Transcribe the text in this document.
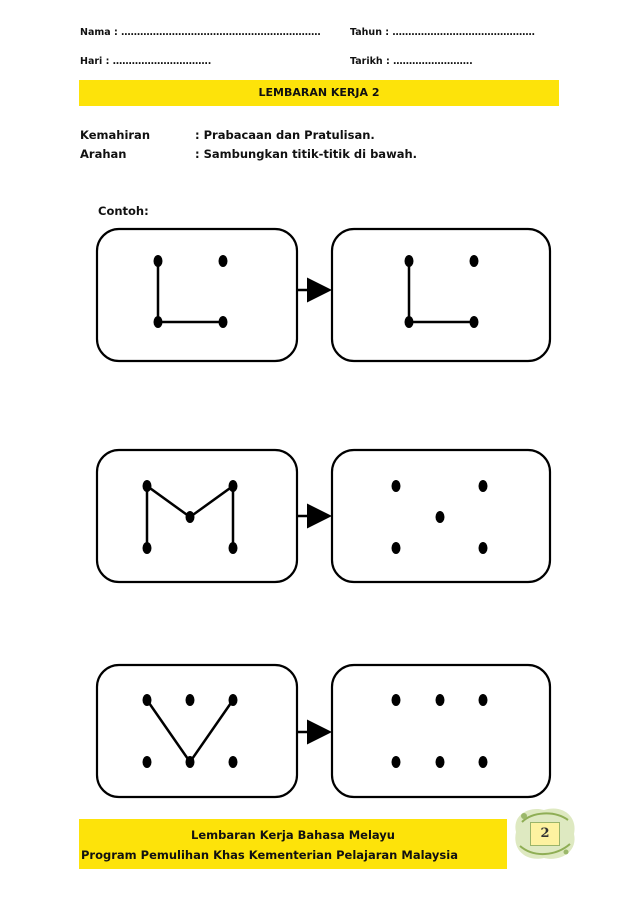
Nama : ………………………………………………………	Tahun : ………………………………………
Hari : ………………………….	Tarikh : …………………….
LEMBARAN KERJA 2
Kemahiran	: Prabacaan dan Pratulisan.
Arahan	: Sambungkan titik-titik di bawah.
Contoh:
Lembaran Kerja Bahasa Melayu
Program Pemulihan Khas Kementerian Pelajaran Malaysia
2
